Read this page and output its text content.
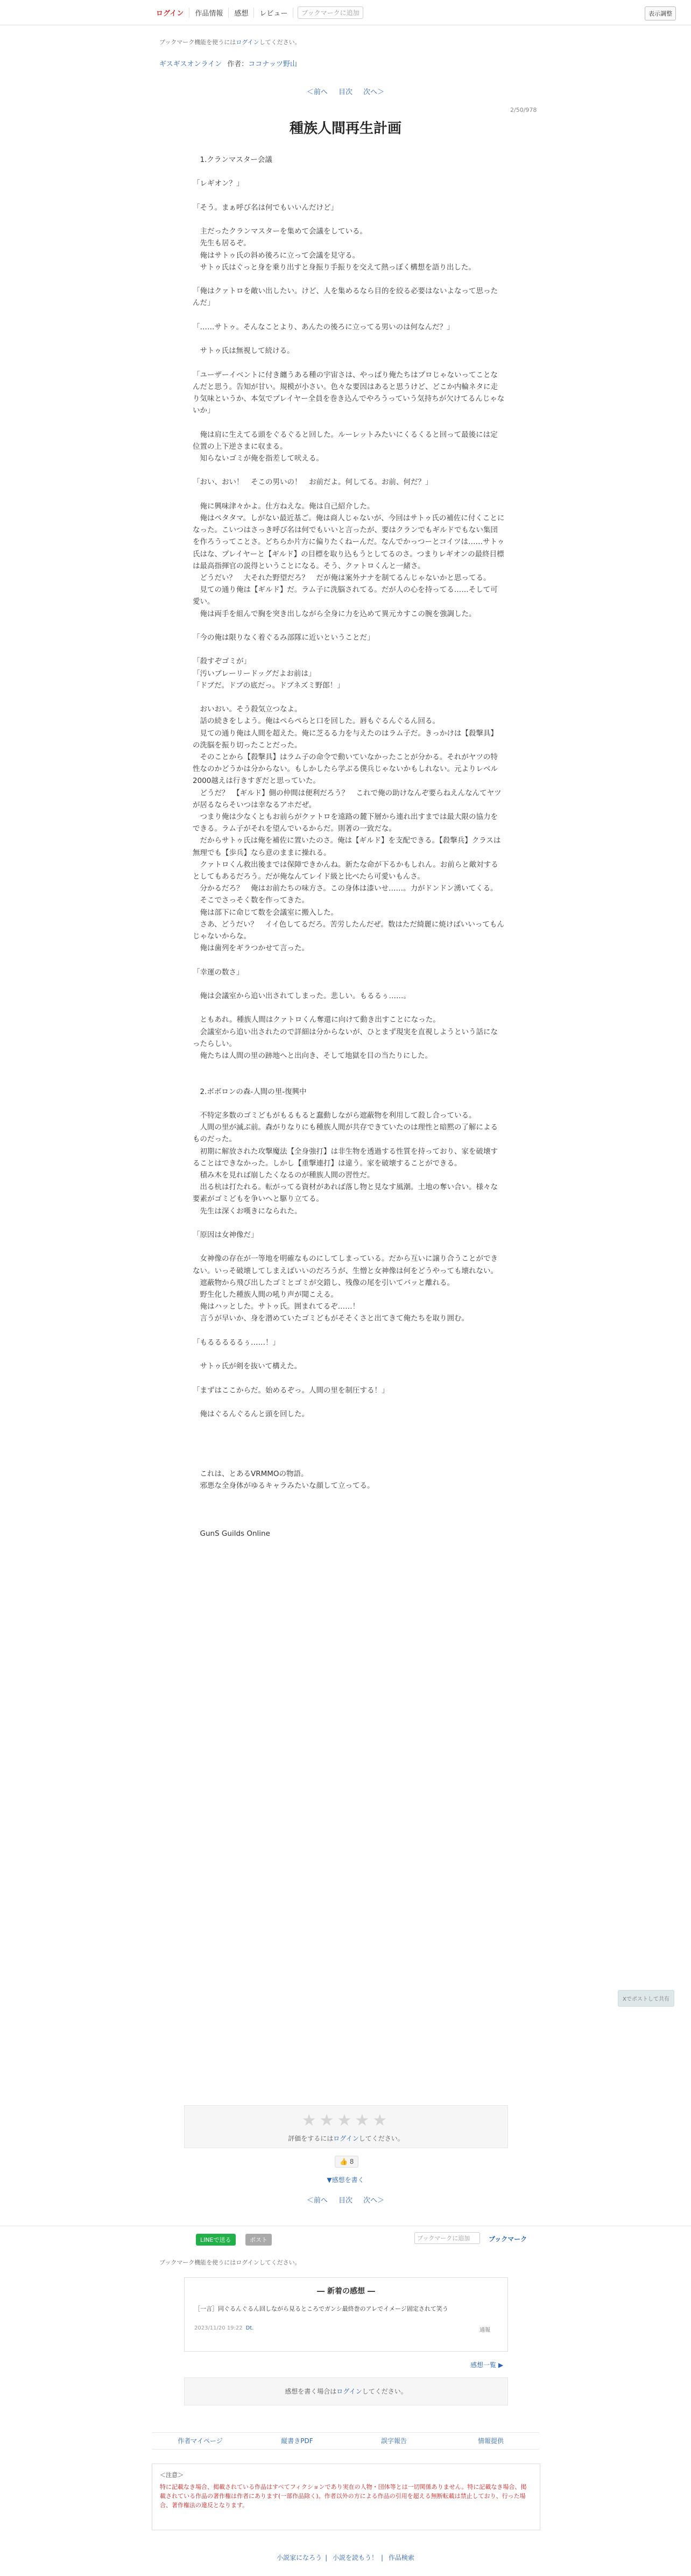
ログイン	作品情報	感想	レビュー	ブックマークに追加	表示調整
ブックマーク機能を使うにはログインしてください。
ギスギスオンライン 作者：ココナッツ野山
＜前へ 目次 次へ＞
2/50/978
種族人間再生計画

　1.クランマスター会議

「レギオン？」

「そう。まぁ呼び名は何でもいいんだけど」

　主だったクランマスターを集めて会議をしている。

　先生も居るぞ。

　俺はサトゥ氏の斜め後ろに立って会議を見守る。

　サトゥ氏はぐっと身を乗り出すと身振り手振りを交えて熱っぽく構想を語り出した。

「俺はクァトロを敵い出したい。けど、人を集めるなら目的を絞る必要はないよなって思ったんだ」

「……サトゥ。そんなことより、あんたの後ろに立ってる男いのは何なんだ？」

　サトゥ氏は無視して続ける。

「ユーザーイベントに付き纏うある種の宇宙さは、やっぱり俺たちはプロじゃないってことなんだと思う。告知が甘い。規模が小さい。色々な要因はあると思うけど、どこか内輪ネタに走り気味というか、本気でプレイヤー全員を巻き込んでやろうっていう気持ちが欠けてるんじゃないか」

　俺は肩に生えてる頭をぐるぐると回した。ルーレットみたいにくるくると回って最後には定位置の上下逆さまに収まる。

　知らないゴミが俺を指差して吠える。

「おい、おい！　そこの男いの！　お前だよ。何してる。お前、何だ？」

　俺に興味津々かよ。仕方ねえな。俺は自己紹介した。

　俺はペタタマ。しがない最近基ご。俺は商人じゃないが、今回はサトゥ氏の補佐に付くことになった。こいつはさっき呼び名は何でもいいと言ったが、要はクランでもギルドでもない集団を作ろうってことさ。どちらか片方に偏りたくねーんだ。なんでかっつーとコイツは……サトゥ氏はな、プレイヤーと【ギルド】の目標を取り込もうとしてるのさ。つまりレギオンの最終目標は最高指揮官の説得ということになる。そう、クァトロくんと一緒さ。

　どうだい？　大それた野望だろ？　だが俺は案外ナナを制てるんじゃないかと思ってる。

　見ての通り俺は【ギルド】だ。ラム子に洗脳されてる。だが人の心を持ってる……そして可愛い。

　俺は両手を組んで胸を突き出しながら全身に力を込めて異元カすこの腕を強調した。

「今の俺は限りなく着ぐるみ部隊に近いということだ」

「殺すぞゴミが」

「汚いブレーリードッグだよお前は」

「ドブだ。ドブの底だっ。ドブネズミ野郎！」

　おいおい。そう殺気立つなよ。

　話の続きをしよう。俺はペらペらと口を回した。唇もぐるんぐるん回る。

　見ての通り俺は人間を超えた。俺に芝るる力を与えたのはラム子だ。きっかけは【殺撃具】の洗脳を振り切ったことだった。

　そのことから【殺撃具】はラム子の命令で動いていなかったことが分かる。それがヤツの特性なのかどうかは分からない。もしかしたら学ぶる僕兵じゃないかもしれない。元よりレベル2000越えは行きすぎだと思っていた。

　どうだ？　【ギルド】側の仲間は便利だろう？　これで俺の助けなんぞ要らねえんなんてヤツが居るならそいつは幸なるアホだぜ。

　つまり俺は少なくともお前らがクァトロを遠路の麓下層から連れ出すまでは最大限の協力をできる。ラム子がそれを望んでいるからだ。則著の一致だな。

　だからサトゥ氏は俺を補佐に置いたのさ。俺は【ギルド】を支配できる。【殺撃兵】クラスは無理でも【歩兵】なら意のままに操れる。

　クァトロくん救出後までは保障できかんね。新たな命が下るかもしれん。お前らと敵対するとしてもあるだろう。だが俺なんてレイド級と比べたら可愛いもんさ。

　分かるだろ？　俺はお前たちの味方さ。この身体は漆いせ……。力がドンドン湧いてくる。

　そこでさっそく数を作ってきた。

　俺は部下に命じて数を会議室に搬入した。

　さあ、どうだい？　イイ色してるだろ。苦労したんだぜ。数はただ綺麗に焼けばいいってもんじゃないからな。

　俺は歯列をギラつかせて言った。

「幸運の数さ」

　俺は会議室から追い出されてしまった。悲しい。もるるぅ……。

　ともあれ。種族人間はクァトロくん奪還に向けて動き出すことになった。

　会議室から追い出されたので詳細は分からないが、ひとまず現実を直視しようという話になったらしい。

　俺たちは人間の里の跡地へと出向き、そして地獄を目の当たりにした。

　2.ボボロンの森-人間の里-復興中

　不特定多数のゴミどもがもるもると蠢動しながら遮蔽物を利用して殺し合っている。

　人間の里が滅ぶ前。森がりなりにも種族人間が共存できていたのは理性と暗黙の了解によるものだった。

　初期に解放された攻撃魔法【全身強打】は非生物を透過する性質を持っており、家を破壊することはできなかった。しかし【重撃連打】は違う。家を破壊することができる。

　積み木を見れば崩したくなるのが種族人間の習性だ。

　出る杭は打たれる。転がってる資材があれば落し物と見なす風潮。土地の奪い合い。様々な要素がゴミどもを争いへと駆り立てる。

　先生は深くお嘆きになられた。

「原因は女神像だ」

　女神像の存在が一等地を明確なものにしてしまっている。だから互いに譲り合うことができない。いっそ破壊してしまえばいいのだろうが、生憎と女神像は何をどうやっても壊れない。

　遮蔽物から飛び出したゴミとゴミが交錯し、残像の尾を引いてバッと離れる。

　野生化した種族人間の吼り声が聞こえる。

　俺はハッとした。サトゥ氏。囲まれてるぞ……！

　言うが早いか、身を潜めていたゴミどもがそそくさと出てきて俺たちを取り囲む。

「もるるるるるぅ……！」

　サトゥ氏が剣を抜いて構えた。

「まずはここからだ。始めるぞっ。人間の里を制圧する！」

　俺はぐるんぐるんと頭を回した。

　これは、とあるVRMMOの物語。

　邪悪な全身体がゆるキャラみたいな顔して立ってる。

　GunS Guilds Online

Xでポストして共有
★★★★★
評価をするにはログインしてください。
👍 8
▼感想を書く
＜前へ 目次 次へ＞
LINEで送る	ポスト	ブックマークに追加	ブックマーク
ブックマーク機能を使うにはログインしてください。
― 新着の感想 ―
［一言］同ぐるんぐるん回しながら見るところでガンシ最終巻のアレでイメージ固定されて笑う
2023/11/20 19:22 Dt.	通報
感想一覧 ▶
感想を書く場合はログインしてください。
作者マイページ	縦書きPDF	誤字報告	情報提供
＜注意＞
特に記載なき場合、掲載されている作品はすべてフィクションであり実在の人物・団体等とは一切関係ありません。特に記載なき場合、掲載されている作品の著作権は作者にあります(一部作品除く)。作者以外の方による作品の引用を超える無断転載は禁止しており、行った場合、著作権法の違反となります。
小説家になろう | 小説を読もう！ | 作品検索
